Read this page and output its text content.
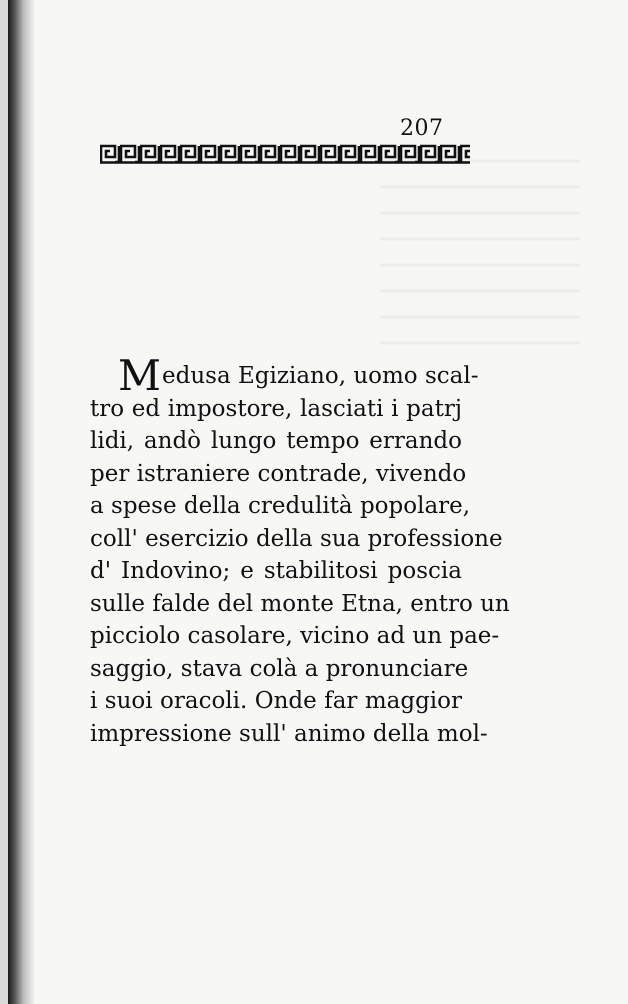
207
Medusa Egiziano, uomo scal-
tro ed impostore, lasciati i patrj
lidi, andò lungo tempo errando
per istraniere contrade, vivendo
a spese della credulità popolare,
coll' esercizio della sua professione
d' Indovino; e stabilitosi poscia
sulle falde del monte Etna, entro un
picciolo casolare, vicino ad un pae-
saggio, stava colà a pronunciare
i suoi oracoli. Onde far maggior
impressione sull' animo della mol-
